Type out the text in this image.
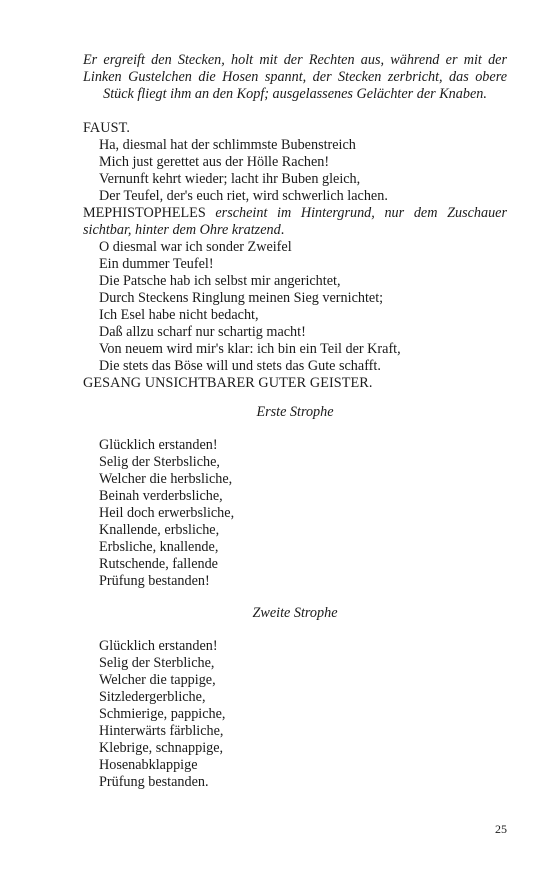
Er ergreift den Stecken, holt mit der Rechten aus, während er mit der
Linken Gustelchen die Hosen spannt, der Stecken zerbricht, das obere
Stück fliegt ihm an den Kopf; ausgelassenes Gelächter der Knaben.
FAUST.
Ha, diesmal hat der schlimmste Bubenstreich
Mich just gerettet aus der Hölle Rachen!
Vernunft kehrt wieder; lacht ihr Buben gleich,
Der Teufel, der's euch riet, wird schwerlich lachen.
MEPHISTOPHELES erscheint im Hintergrund, nur dem Zuschauer
sichtbar, hinter dem Ohre kratzend.
O diesmal war ich sonder Zweifel
Ein dummer Teufel!
Die Patsche hab ich selbst mir angerichtet,
Durch Steckens Ringlung meinen Sieg vernichtet;
Ich Esel habe nicht bedacht,
Daß allzu scharf nur schartig macht!
Von neuem wird mir's klar: ich bin ein Teil der Kraft,
Die stets das Böse will und stets das Gute schafft.
GESANG UNSICHTBARER GUTER GEISTER.
Erste Strophe
Glücklich erstanden!
Selig der Sterbsliche,
Welcher die herbsliche,
Beinah verderbsliche,
Heil doch erwerbsliche,
Knallende, erbsliche,
Erbsliche, knallende,
Rutschende, fallende
Prüfung bestanden!
Zweite Strophe
Glücklich erstanden!
Selig der Sterbliche,
Welcher die tappige,
Sitzledergerbliche,
Schmierige, pappiche,
Hinterwärts färbliche,
Klebrige, schnappige,
Hosenabklappige
Prüfung bestanden.
25
